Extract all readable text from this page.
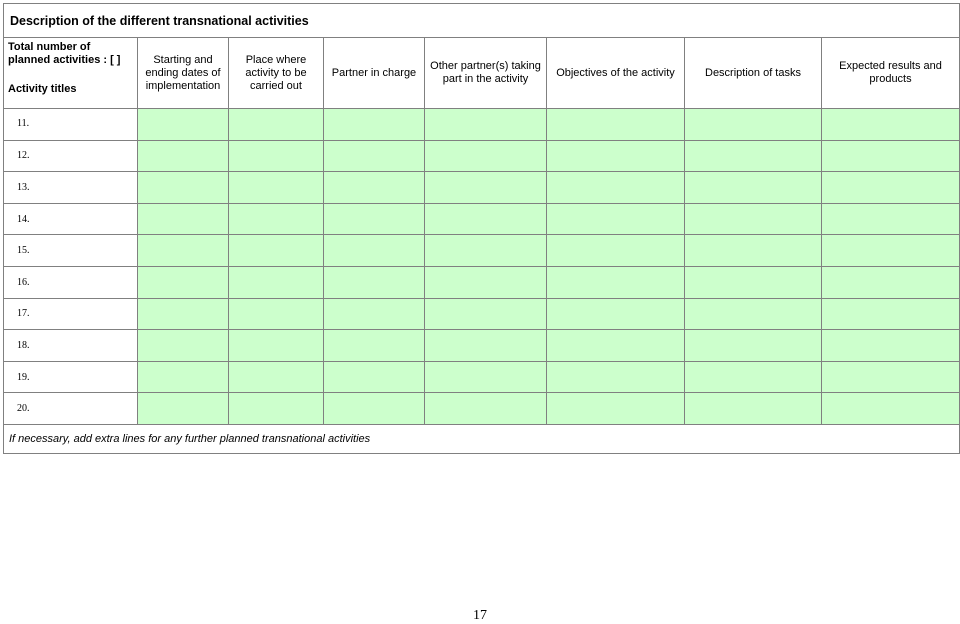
Description of the different transnational activities							
Total number of planned activities : [ ]
Activity titles	Starting and ending dates of implementation	Place where activity to be carried out	Partner in charge	Other partner(s) taking part in the activity	Objectives of the activity	Description of tasks	Expected results and products
11.							
12.							
13.							
14.							
15.							
16.							
17.							
18.							
19.							
20.							
If necessary, add extra lines for any further planned transnational activities							
17
